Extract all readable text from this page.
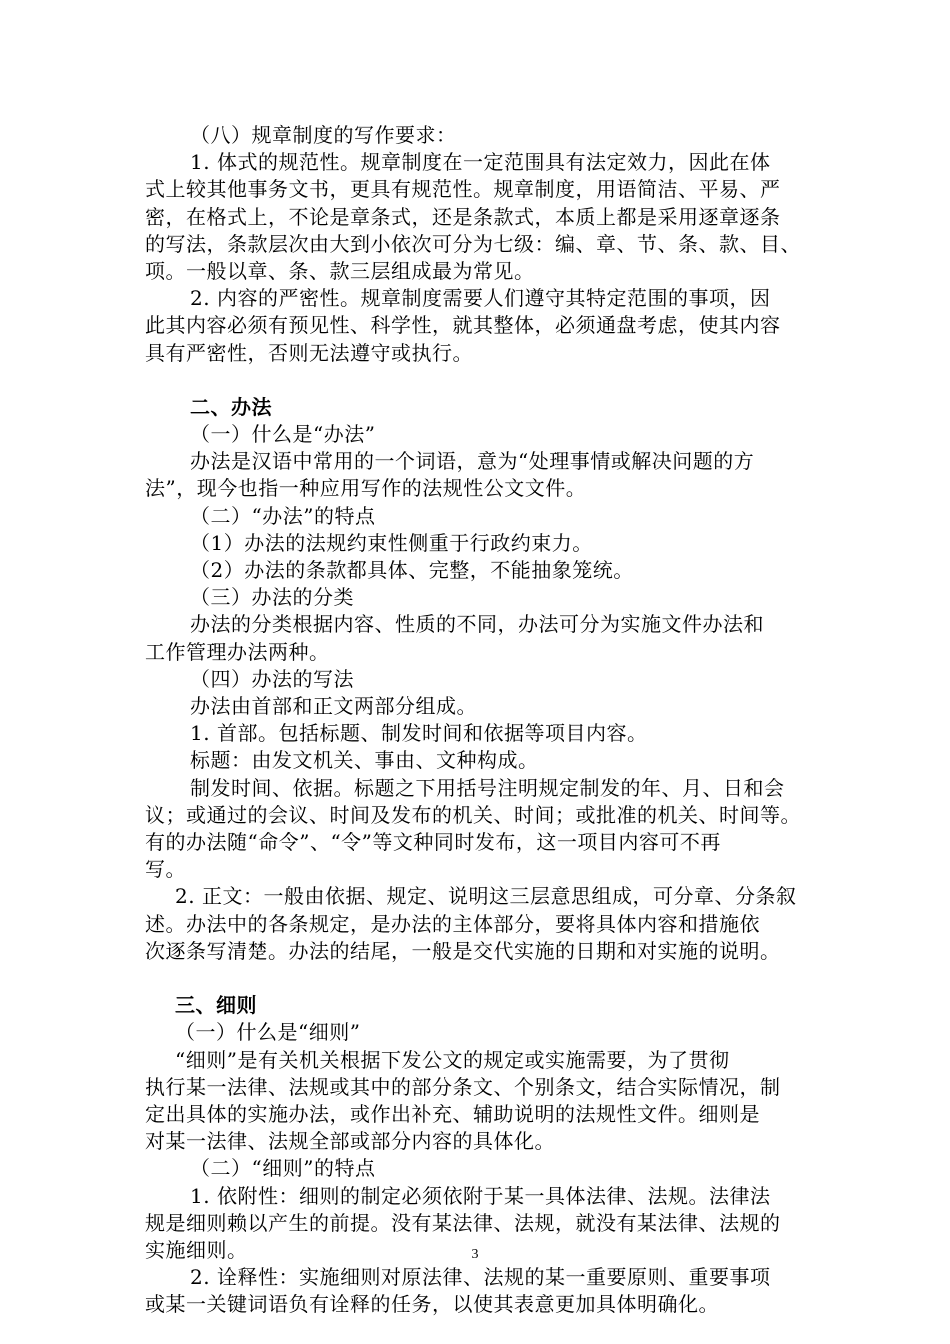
（八）规章制度的写作要求：

1. 体式的规范性。规章制度在一定范围具有法定效力，因此在体

式上较其他事务文书，更具有规范性。规章制度，用语简洁、平易、严

密，在格式上，不论是章条式，还是条款式，本质上都是采用逐章逐条

的写法，条款层次由大到小依次可分为七级：编、章、节、条、款、目、

项。一般以章、条、款三层组成最为常见。

2. 内容的严密性。规章制度需要人们遵守其特定范围的事项，因

此其内容必须有预见性、科学性，就其整体，必须通盘考虑，使其内容

具有严密性，否则无法遵守或执行。

二、办法

（一）什么是“办法”

办法是汉语中常用的一个词语，意为“处理事情或解决问题的方

法”，现今也指一种应用写作的法规性公文文件。

（二）“办法”的特点

（1）办法的法规约束性侧重于行政约束力。

（2）办法的条款都具体、完整，不能抽象笼统。

（三）办法的分类

办法的分类根据内容、性质的不同，办法可分为实施文件办法和

工作管理办法两种。

（四）办法的写法

办法由首部和正文两部分组成。

1. 首部。包括标题、制发时间和依据等项目内容。

标题：由发文机关、事由、文种构成。

制发时间、依据。标题之下用括号注明规定制发的年、月、日和会

议；或通过的会议、时间及发布的机关、时间；或批准的机关、时间等。

有的办法随“命令”、“令”等文种同时发布，这一项目内容可不再

写。

2. 正文：一般由依据、规定、说明这三层意思组成，可分章、分条叙

述。办法中的各条规定，是办法的主体部分，要将具体内容和措施依

次逐条写清楚。办法的结尾，一般是交代实施的日期和对实施的说明。

三、细则

（一）什么是“细则”

“细则”是有关机关根据下发公文的规定或实施需要，为了贯彻

执行某一法律、法规或其中的部分条文、个别条文，结合实际情况，制

定出具体的实施办法，或作出补充、辅助说明的法规性文件。细则是

对某一法律、法规全部或部分内容的具体化。

（二）“细则”的特点

1. 依附性：细则的制定必须依附于某一具体法律、法规。法律法

规是细则赖以产生的前提。没有某法律、法规，就没有某法律、法规的

实施细则。

2. 诠释性：实施细则对原法律、法规的某一重要原则、重要事项

或某一关键词语负有诠释的任务，以使其表意更加具体明确化。

3
